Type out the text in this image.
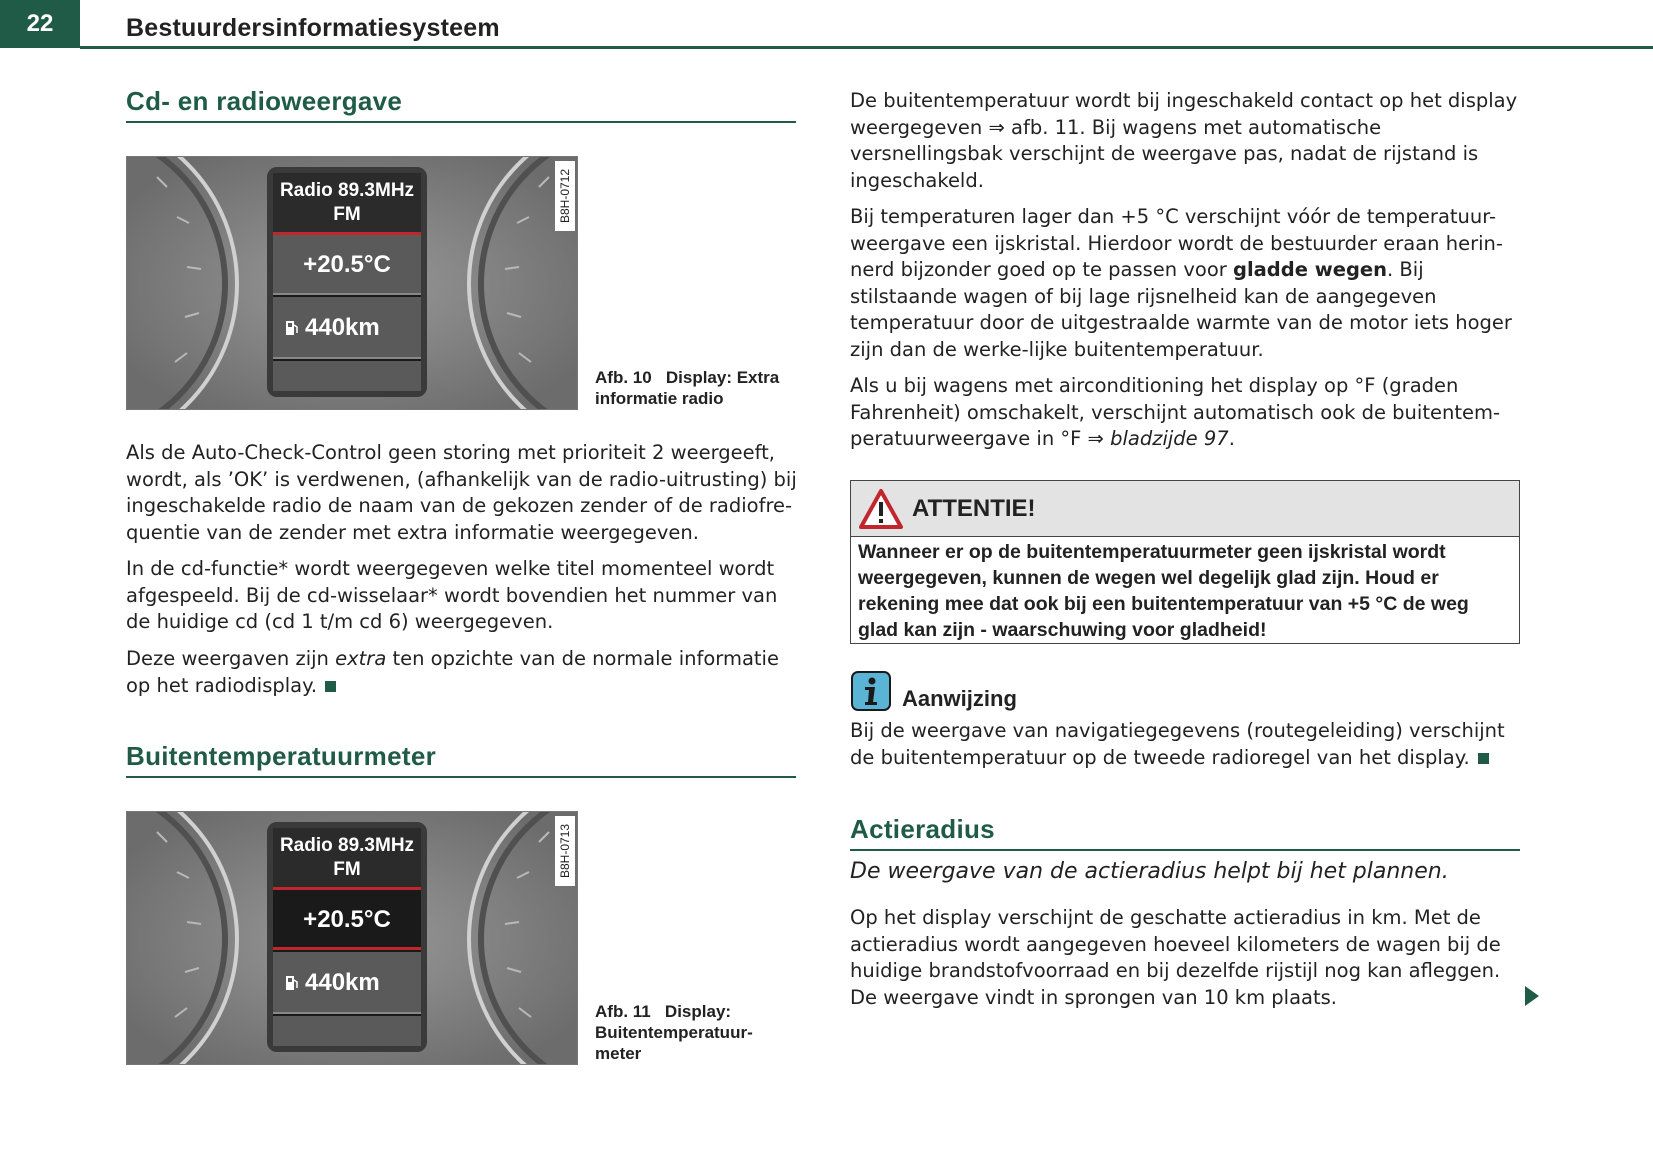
22	Bestuurdersinformatiesysteem
Cd- en radioweergave
Radio 89.3MHz
FM
+20.5°C
440km
B8H-0712
Afb. 10 Display: Extra informatie radio
Als de Auto-Check-Control geen storing met prioriteit 2 weergeeft, wordt, als ’OK’ is verdwenen, (afhankelijk van de radio-uitrusting) bij ingeschakelde radio de naam van de gekozen zender of de radiofre-quentie van de zender met extra informatie weergegeven.
In de cd-functie* wordt weergegeven welke titel momenteel wordt afgespeeld. Bij de cd-wisselaar* wordt bovendien het nummer van de huidige cd (cd 1 t/m cd 6) weergegeven.
Deze weergaven zijn extra ten opzichte van de normale informatie op het radiodisplay.
Buitentemperatuurmeter
Radio 89.3MHz
FM
+20.5°C
440km
B8H-0713
Afb. 11 Display: Buitentemperatuur-meter
De buitentemperatuur wordt bij ingeschakeld contact op het display weergegeven ⇒ afb. 11. Bij wagens met automatische versnellingsbak verschijnt de weergave pas, nadat de rijstand is ingeschakeld.
Bij temperaturen lager dan +5 °C verschijnt vóór de temperatuur-weergave een ijskristal. Hierdoor wordt de bestuurder eraan herin-nerd bijzonder goed op te passen voor gladde wegen. Bij stilstaande wagen of bij lage rijsnelheid kan de aangegeven temperatuur door de uitgestraalde warmte van de motor iets hoger zijn dan de werke-lijke buitentemperatuur.
Als u bij wagens met airconditioning het display op °F (graden Fahrenheit) omschakelt, verschijnt automatisch ook de buitentem-peratuurweergave in °F ⇒ bladzijde 97.
ATTENTIE!
Wanneer er op de buitentemperatuurmeter geen ijskristal wordt weergegeven, kunnen de wegen wel degelijk glad zijn. Houd er rekening mee dat ook bij een buitentemperatuur van +5 °C de weg glad kan zijn - waarschuwing voor gladheid!
Aanwijzing
Bij de weergave van navigatiegegevens (routegeleiding) verschijnt de buitentemperatuur op de tweede radioregel van het display.
Actieradius
De weergave van de actieradius helpt bij het plannen.
Op het display verschijnt de geschatte actieradius in km. Met de actieradius wordt aangegeven hoeveel kilometers de wagen bij de huidige brandstofvoorraad en bij dezelfde rijstijl nog kan afleggen. De weergave vindt in sprongen van 10 km plaats.
